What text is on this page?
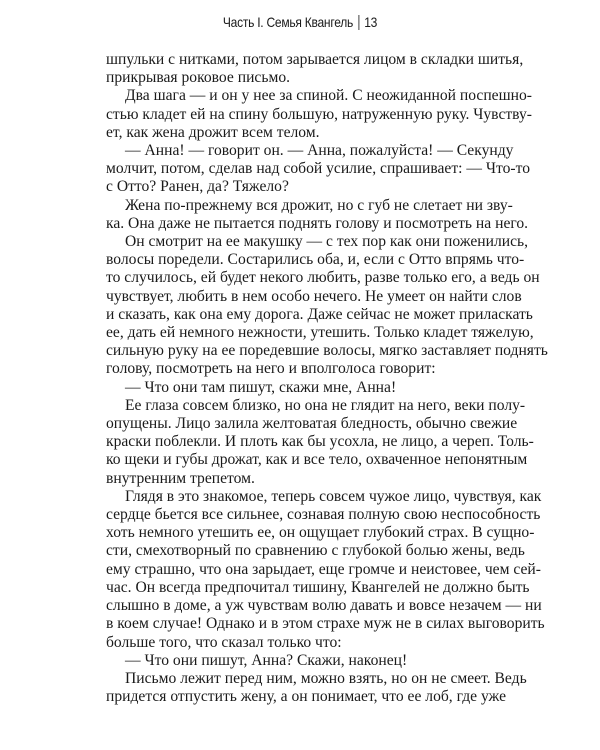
Часть I. Семья Квангель 13
шпульки с нитками, потом зарывается лицом в складки шитья,
прикрывая роковое письмо.
Два шага — и он у нее за спиной. С неожиданной поспешно-
стью кладет ей на спину большую, натруженную руку. Чувству-
ет, как жена дрожит всем телом.
— Анна! — говорит он. — Анна, пожалуйста! — Секунду
молчит, потом, сделав над собой усилие, спрашивает: — Что-то
с Отто? Ранен, да? Тяжело?
Жена по-прежнему вся дрожит, но с губ не слетает ни зву-
ка. Она даже не пытается поднять голову и посмотреть на него.
Он смотрит на ее макушку — с тех пор как они поженились,
волосы поредели. Состарились оба, и, если с Отто впрямь что-
то случилось, ей будет некого любить, разве только его, а ведь он
чувствует, любить в нем особо нечего. Не умеет он найти слов
и сказать, как она ему дорога. Даже сейчас не может приласкать
ее, дать ей немного нежности, утешить. Только кладет тяжелую,
сильную руку на ее поредевшие волосы, мягко заставляет поднять
голову, посмотреть на него и вполголоса говорит:
— Что они там пишут, скажи мне, Анна!
Ее глаза совсем близко, но она не глядит на него, веки полу-
опущены. Лицо залила желтоватая бледность, обычно свежие
краски поблекли. И плоть как бы усохла, не лицо, а череп. Толь-
ко щеки и губы дрожат, как и все тело, охваченное непонятным
внутренним трепетом.
Глядя в это знакомое, теперь совсем чужое лицо, чувствуя, как
сердце бьется все сильнее, сознавая полную свою неспособность
хоть немного утешить ее, он ощущает глубокий страх. В сущно-
сти, смехотворный по сравнению с глубокой болью жены, ведь
ему страшно, что она зарыдает, еще громче и неистовее, чем сей-
час. Он всегда предпочитал тишину, Квангелей не должно быть
слышно в доме, а уж чувствам волю давать и вовсе незачем — ни
в коем случае! Однако и в этом страхе муж не в силах выговорить
больше того, что сказал только что:
— Что они пишут, Анна? Скажи, наконец!
Письмо лежит перед ним, можно взять, но он не смеет. Ведь
придется отпустить жену, а он понимает, что ее лоб, где уже
